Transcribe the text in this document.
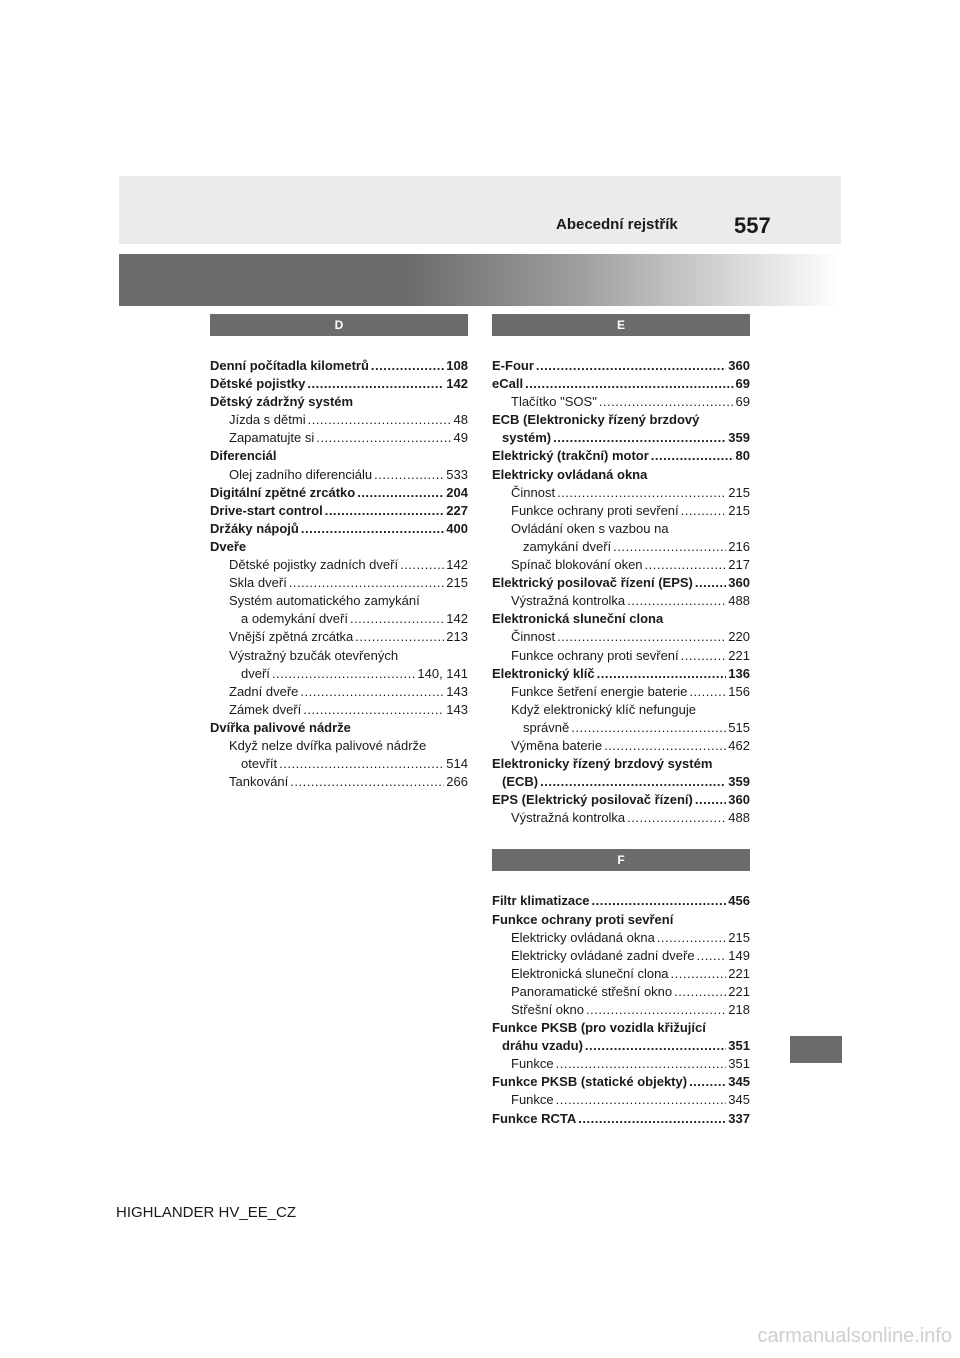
Abecední rejstřík	557
D
Denní počítadla kilometrů .....	108
Dětské pojistky .....	142
Dětský zádržný systém
Jízda s dětmi .....	48
Zapamatujte si .....	49
Diferenciál
Olej zadního diferenciálu .....	533
Digitální zpětné zrcátko .....	204
Drive-start control .....	227
Držáky nápojů .....	400
Dveře
Dětské pojistky zadních dveří .....	142
Skla dveří .....	215
Systém automatického zamykání
a odemykání dveří .....	142
Vnější zpětná zrcátka .....	213
Výstražný bzučák otevřených
dveří .....	140, 141
Zadní dveře .....	143
Zámek dveří .....	143
Dvířka palivové nádrže
Když nelze dvířka palivové nádrže
otevřít .....	514
Tankování .....	266
E
E-Four .....	360
eCall .....	69
Tlačítko "SOS" .....	69
ECB (Elektronicky řízený brzdový
systém) .....	359
Elektrický (trakční) motor .....	80
Elektricky ovládaná okna
Činnost .....	215
Funkce ochrany proti sevření .....	215
Ovládání oken s vazbou na
zamykání dveří .....	216
Spínač blokování oken .....	217
Elektrický posilovač řízení (EPS) .....	360
Výstražná kontrolka .....	488
Elektronická sluneční clona
Činnost .....	220
Funkce ochrany proti sevření .....	221
Elektronický klíč .....	136
Funkce šetření energie baterie .....	156
Když elektronický klíč nefunguje
správně .....	515
Výměna baterie .....	462
Elektronicky řízený brzdový systém
(ECB) .....	359
EPS (Elektrický posilovač řízení) .....	360
Výstražná kontrolka .....	488
F
Filtr klimatizace .....	456
Funkce ochrany proti sevření
Elektricky ovládaná okna .....	215
Elektricky ovládané zadní dveře .....	149
Elektronická sluneční clona .....	221
Panoramatické střešní okno .....	221
Střešní okno .....	218
Funkce PKSB (pro vozidla křižující
dráhu vzadu) .....	351
Funkce .....	351
Funkce PKSB (statické objekty) .....	345
Funkce .....	345
Funkce RCTA .....	337
HIGHLANDER HV_EE_CZ
carmanualsonline.info
